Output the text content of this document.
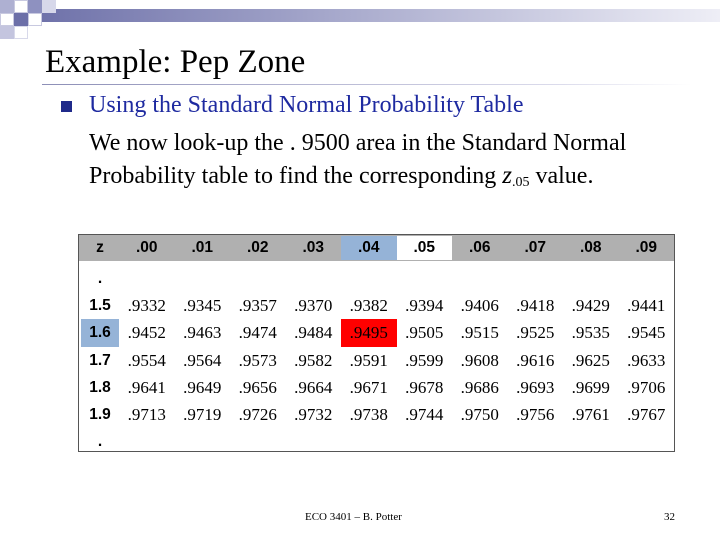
Example: Pep Zone
Using the Standard Normal Probability Table
We now look-up the . 9500 area in the Standard Normal Probability table to find the corresponding $z_{.05}$ value.
z	.00	.01	.02	.03	.04	.05	.06	.07	.08	.09
.
1.5 .9332	.9345	.9357	.9370	.9382	.9394	.9406	.9418	.9429	.9441
1.6 .9452	.9463	.9474	.9484	.9495	.9505	.9515	.9525	.9535	.9545
1.7 .9554	.9564	.9573	.9582	.9591	.9599	.9608	.9616	.9625	.9633
1.8 .9641	.9649	.9656	.9664	.9671	.9678	.9686	.9693	.9699	.9706
1.9 .9713	.9719	.9726	.9732	.9738	.9744	.9750	.9756	.9761	.9767
.
ECO 3401 – B. Potter	32
